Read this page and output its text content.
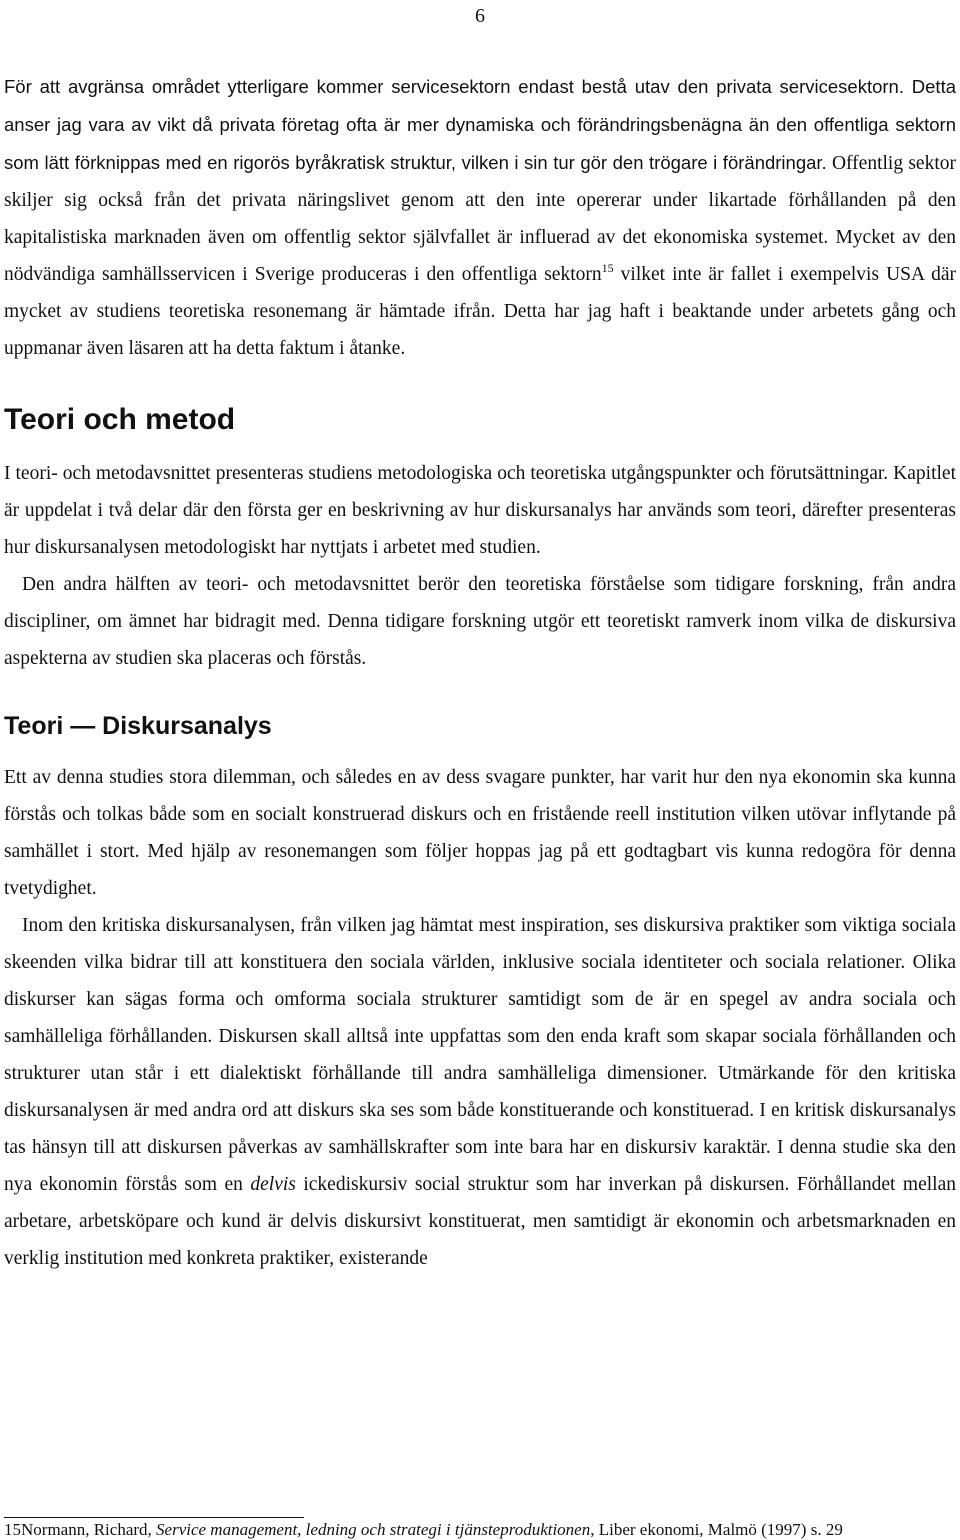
6

För att avgränsa området ytterligare kommer servicesektorn endast bestå utav den privata servicesektorn. Detta anser jag vara av vikt då privata företag ofta är mer dynamiska och förändringsbenägna än den offentliga sektorn som lätt förknippas med en rigorös byråkratisk struktur, vilken i sin tur gör den trögare i förändringar. Offentlig sektor skiljer sig också från det privata näringslivet genom att den inte opererar under likartade förhållanden på den kapitalistiska marknaden även om offentlig sektor självfallet är influerad av det ekonomiska systemet. Mycket av den nödvändiga samhällsservicen i Sverige produceras i den offentliga sektorn$^{15}$ vilket inte är fallet i exempelvis USA där mycket av studiens teoretiska resonemang är hämtade ifrån. Detta har jag haft i beaktande under arbetets gång och uppmanar även läsaren att ha detta faktum i åtanke.

Teori och metod

I teori- och metodavsnittet presenteras studiens metodologiska och teoretiska utgångspunkter och förutsättningar. Kapitlet är uppdelat i två delar där den första ger en beskrivning av hur diskursanalys har används som teori, därefter presenteras hur diskursanalysen metodologiskt har nyttjats i arbetet med studien.

Den andra hälften av teori- och metodavsnittet berör den teoretiska förståelse som tidigare forskning, från andra discipliner, om ämnet har bidragit med. Denna tidigare forskning utgör ett teoretiskt ramverk inom vilka de diskursiva aspekterna av studien ska placeras och förstås.

Teori — Diskursanalys

Ett av denna studies stora dilemman, och således en av dess svagare punkter, har varit hur den nya ekonomin ska kunna förstås och tolkas både som en socialt konstruerad diskurs och en fristående reell institution vilken utövar inflytande på samhället i stort. Med hjälp av resonemangen som följer hoppas jag på ett godtagbart vis kunna redogöra för denna tvetydighet.

Inom den kritiska diskursanalysen, från vilken jag hämtat mest inspiration, ses diskursiva praktiker som viktiga sociala skeenden vilka bidrar till att konstituera den sociala världen, inklusive sociala identiteter och sociala relationer. Olika diskurser kan sägas forma och omforma sociala strukturer samtidigt som de är en spegel av andra sociala och samhälleliga förhållanden. Diskursen skall alltså inte uppfattas som den enda kraft som skapar sociala förhållanden och strukturer utan står i ett dialektiskt förhållande till andra samhälleliga dimensioner. Utmärkande för den kritiska diskursanalysen är med andra ord att diskurs ska ses som både konstituerande och konstituerad. I en kritisk diskursanalys tas hänsyn till att diskursen påverkas av samhällskrafter som inte bara har en diskursiv karaktär. I denna studie ska den nya ekonomin förstås som en delvis ickediskursiv social struktur som har inverkan på diskursen. Förhållandet mellan arbetare, arbetsköpare och kund är delvis diskursivt konstituerat, men samtidigt är ekonomin och arbetsmarknaden en verklig institution med konkreta praktiker, existerande

15Normann, Richard, Service management, ledning och strategi i tjänsteproduktionen, Liber ekonomi, Malmö (1997) s. 29
